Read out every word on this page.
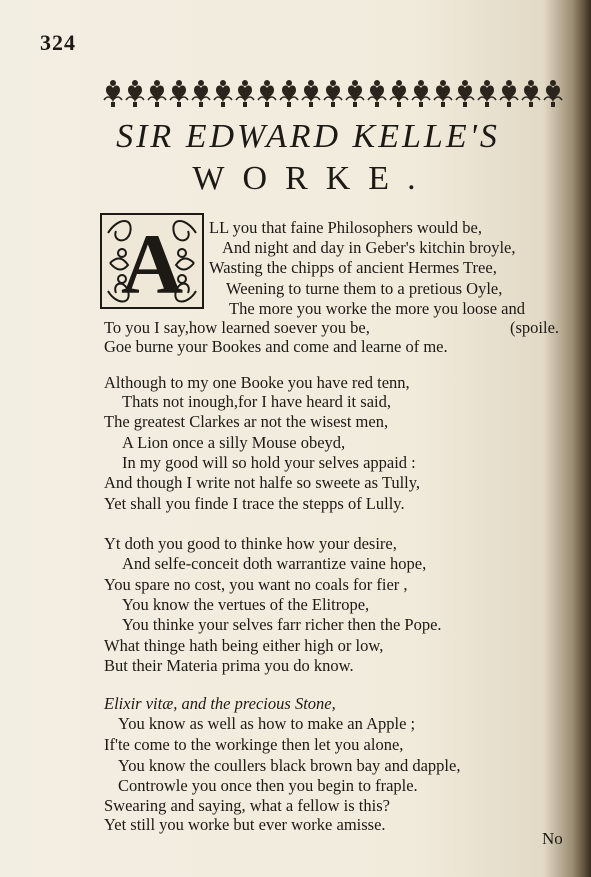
324
SIR EDWARD KELLE'S
WORKE.
A LL you that faine Philosophers would be,
And night and day in Geber's kitchin broyle,
Wasting the chipps of ancient Hermes Tree,
Weening to turne them to a pretious Oyle,
The more you worke the more you loose and
To you I say,how learned soever you be,	(spoile.
Goe burne your Bookes and come and learne of me.
Although to my one Booke you have red tenn,
Thats not inough,for I have heard it said,
The greatest Clarkes ar not the wisest men,
A Lion once a silly Mouse obeyd,
In my good will so hold your selves appaid :
And though I write not halfe so sweete as Tully,
Yet shall you finde I trace the stepps of Lully.
Yt doth you good to thinke how your desire,
And selfe-conceit doth warrantize vaine hope,
You spare no cost, you want no coals for fier ,
You know the vertues of the Elitrope,
You thinke your selves farr richer then the Pope.
What thinge hath being either high or low,
But their Materia prima you do know.
Elixir vitæ, and the precious Stone,
You know as well as how to make an Apple ;
If'te come to the workinge then let you alone,
You know the coullers black brown bay and dapple,
Controwle you once then you begin to fraple.
Swearing and saying, what a fellow is this?
Yet still you worke but ever worke amisse.
No
